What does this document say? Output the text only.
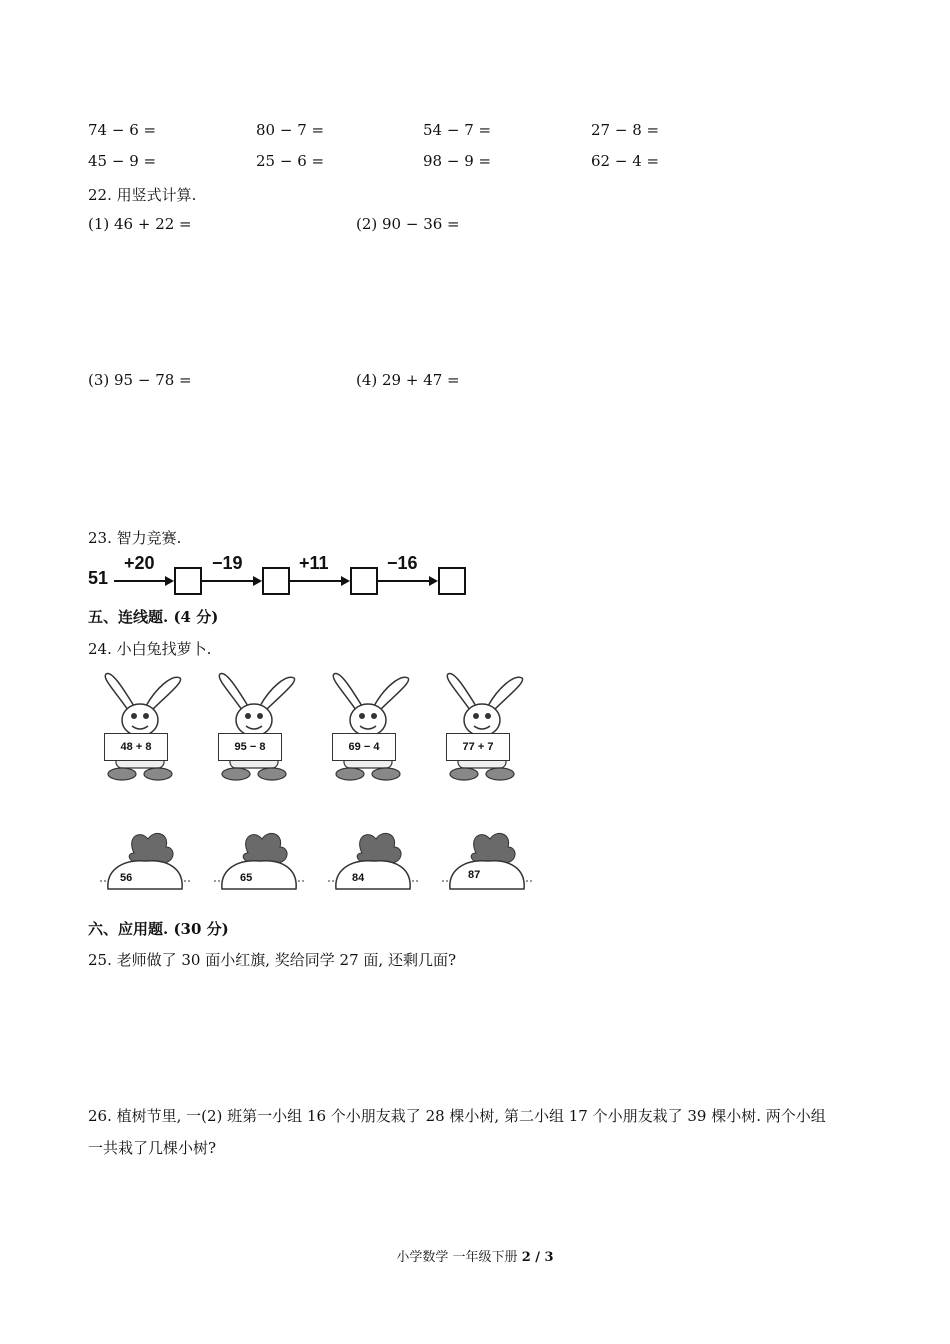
74 − 6 =	80 − 7 =	54 − 7 =	27 − 8 =
45 − 9 =	25 − 6 =	98 − 9 =	62 − 4 =
22. 用竖式计算.
(1) 46 + 22 =	(2) 90 − 36 =
(3) 95 − 78 =	(4) 29 + 47 =
23. 智力竞赛.
51
+20	−19	+11	−16
五、连线题. (4 分)
24. 小白兔找萝卜.
48 + 8	95 − 8	69 − 4	77 + 7
56	65	84	87
六、应用题. (30 分)
25. 老师做了 30 面小红旗, 奖给同学 27 面, 还剩几面?
26. 植树节里, 一(2) 班第一小组 16 个小朋友栽了 28 棵小树, 第二小组 17 个小朋友栽了 39 棵小树. 两个小组
一共栽了几棵小树?
小学数学 一年级下册 2 / 3
